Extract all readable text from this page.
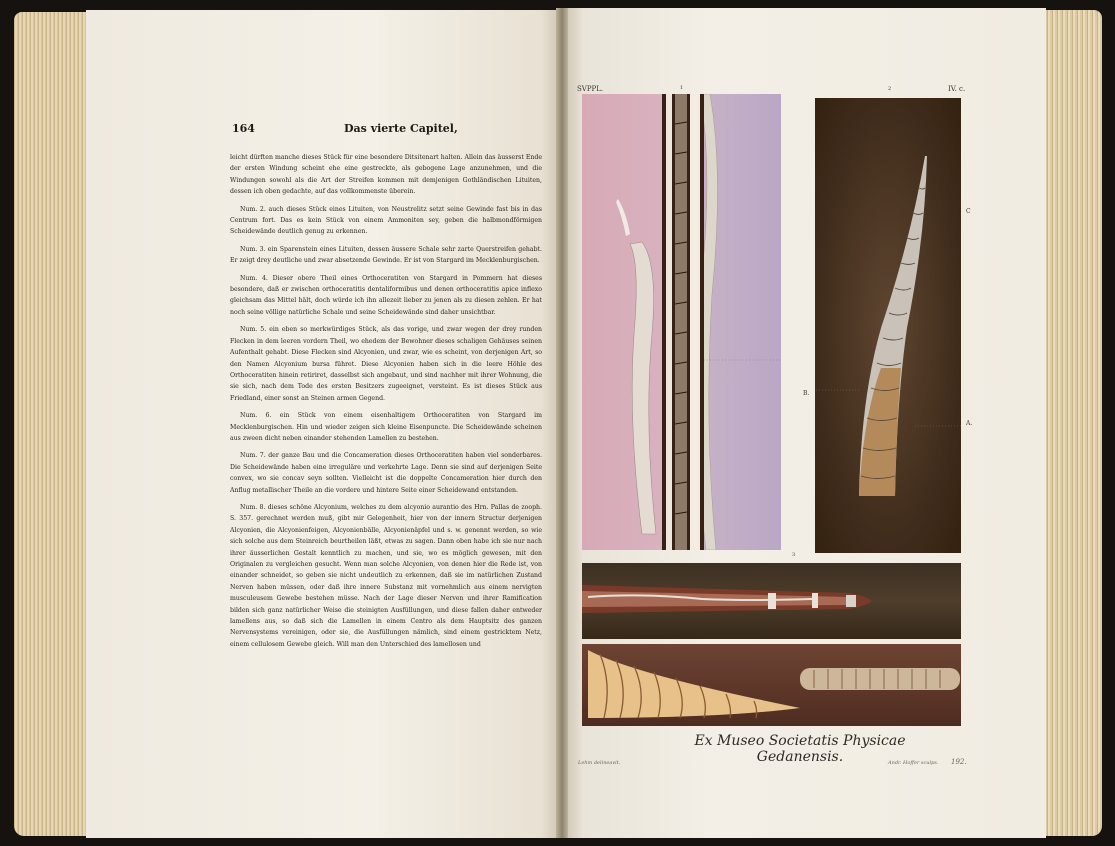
164	Das vierte Capitel,

leicht dürften manche dieses Stück für eine besondere Ditsitenart halten. Allein das äusserst Ende der ersten Windung scheint ehe eine gestreckte, als gebogene Lage anzunehmen, und die Windungen sowohl als die Art der Streifen kommen mit demjenigen Gothländischen Lituiten, dessen ich oben gedachte, auf das vollkommenste überein.

Num. 2. auch dieses Stück eines Lituiten, von Neustrelitz setzt seine Gewinde fast bis in das Centrum fort. Das es kein Stück von einem Ammoniten sey, geben die halbmondförmigen Scheidewände deutlich genug zu erkennen.

Num. 3. ein Sparenstein eines Lituiten, dessen äussere Schale sehr zarte Querstreifen gehabt. Er zeigt drey deutliche und zwar absetzende Gewinde. Er ist von Stargard im Mecklenburgischen.

Num. 4. Dieser obere Theil eines Orthoceratiten von Stargard in Pommern hat dieses besondere, daß er zwischen orthoceratitis dentaliformibus und denen orthoceratitis apice inflexo gleichsam das Mittel hält, doch würde ich ihn allezeit lieber zu jenen als zu diesen zehlen. Er hat noch seine völlige natürliche Schale und seine Scheidewände sind daher unsichtbar.

Num. 5. ein eben so merkwürdiges Stück, als das vorige, und zwar wegen der drey runden Flecken in dem leeren vordern Theil, wo ehedem der Bewohner dieses schaligen Gehäuses seinen Aufenthalt gehabt. Diese Flecken sind Alcyonien, und zwar, wie es scheint, von derjenigen Art, so den Namen Alcyonium bursa führet. Diese Alcyonien haben sich in die leere Höhle des Orthoceratiten hinein retiriret, dasselbst sich angebaut, und sind nachher mit ihrer Wohnung, die sie sich, nach dem Tode des ersten Besitzers zugeeignet, versteint. Es ist dieses Stück aus Friedland, einer sonst an Steinen armen Gegend.

Num. 6. ein Stück von einem eisenhaltigem Orthoceratiten von Stargard im Mecklenburgischen. Hin und wieder zeigen sich kleine Eisenpuncte. Die Scheidewände scheinen aus zween dicht neben einander stehenden Lamellen zu bestehen.

Num. 7. der ganze Bau und die Concameration dieses Orthoceratiten haben viel sonderbares. Die Scheidewände haben eine irreguläre und verkehrte Lage. Denn sie sind auf derjenigen Seite convex, wo sie concav seyn sollten. Vielleicht ist die doppelte Concameration hier durch den Anflug metallischer Theile an die vordere und hintere Seite einer Scheidewand entstanden.

Num. 8. dieses schöne Alcyonium, welches zu dem alcyonio aurantio des Hrn. Pallas de zooph. S. 357. gerechnet werden muß, gibt mir Gelegenheit, hier von der innern Structur derjenigen Alcyonien, die Alcyonienfeigen, Alcyonienbälle, Alcyonienäpfel und s. w. genennt werden, so wie sich solche aus dem Steinreich beurtheilen läßt, etwas zu sagen. Dann oben habe ich sie nur nach ihrer äusserlichen Gestalt kenntlich zu machen, und sie, wo es möglich gewesen, mit den Originalen zu vergleichen gesucht. Wenn man solche Alcyonien, von denen hier die Rede ist, von einander schneidet, so geben sie nicht undeutlich zu erkennen, daß sie im natürlichen Zustand Nerven haben müssen, oder daß ihre innere Substanz mit vornehmlich aus einem nervigten musculeusem Gewebe bestehen müsse. Nach der Lage dieser Nerven und ihrer Ramification bilden sich ganz natürlicher Weise die steinigten Ausfüllungen, und diese fallen daher entweder lamellens aus, so daß sich die Lamellen in einem Centro als dem Hauptsitz des ganzen Nervensystems vereinigen, oder sie, die Ausfüllungen nämlich, sind einem gestricktem Netz, einem cellulosem Gewebe gleich. Will man den Unterschied des lamellosen und

SVPPL.	IV. c.
1	2
3
C
B.
A.
Ex Museo Societatis Physicae Gedanensis.
Lehm delineavit.	Andr. Hoffer sculps. 192.
